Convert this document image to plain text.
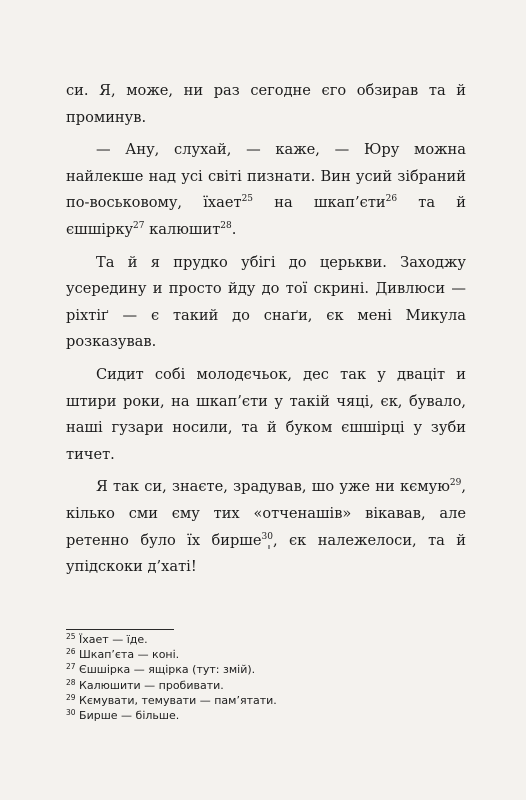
си. Я, може, ни раз сегодне єго обзирав та й проминув.

— Ану, слухай, — каже, — Юру можна найлекше над усі світі пизнати. Вин усий зібраний по-воськовому, їхает$^{25}$ на шкап’єти$^{26}$ та й єшшірку$^{27}$ калюшит$^{28}$.

Та й я прудко убігі до церькви. Заходжу усередину и просто йду до тої скрині. Дивлюси — ріхтіґ — є такий до снаґи, єк мені Микула розказував.

Сидит собі молодєчьок, дес так у дваціт и штири роки, на шкап’єти у такій чяці, єк, бувало, наші гузари носили, та й буком єшшірці у зуби тичет.

Я так си, знаєте, зрадував, шо уже ни кємую$^{29}$, кілько сми єму тих «отченашів» вікавав, але ретенно було їх бирше$^{30}$, єк належелоси, та й упідскоки д’хаті!

$^{25}$ Їхает — їде.
$^{26}$ Шкап’єта — коні.
$^{27}$ Єшшірка — ящірка (тут: змій).
$^{28}$ Калюшити — пробивати.
$^{29}$ Кємувати, темувати — пам’ятати.
$^{30}$ Бирше — більше.
